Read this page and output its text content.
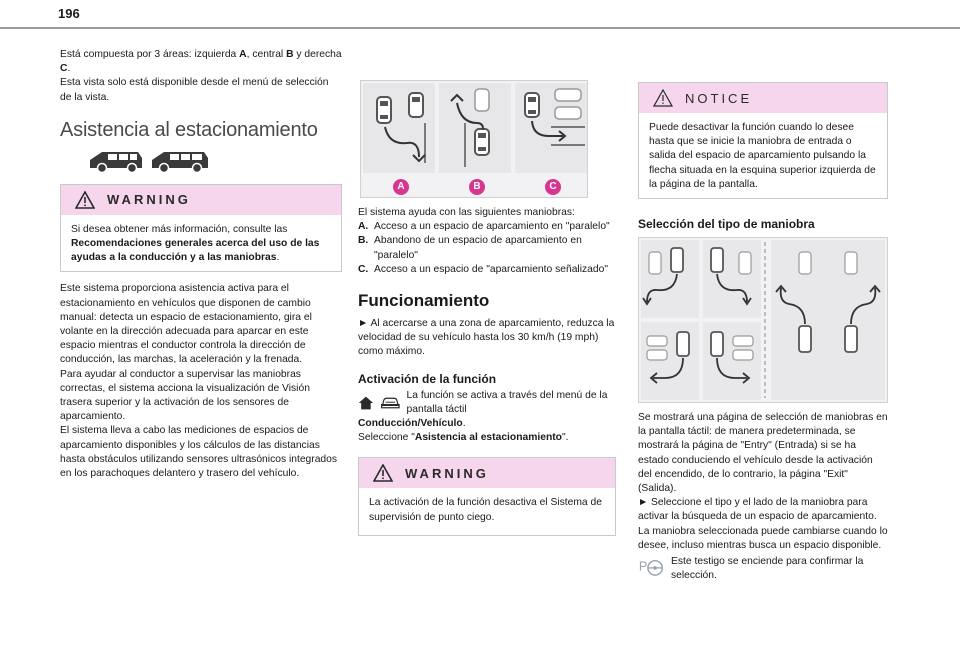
196

Está compuesta por 3 áreas: izquierda A, central B y derecha C.

Esta vista solo está disponible desde el menú de selección de la vista.

Asistencia al estacionamiento
WARNING

Si desea obtener más información, consulte las Recomendaciones generales acerca del uso de las ayudas a la conducción y a las maniobras.

Este sistema proporciona asistencia activa para el estacionamiento en vehículos que disponen de cambio manual: detecta un espacio de estacionamiento, gira el volante en la dirección adecuada para aparcar en este espacio mientras el conductor controla la dirección de conducción, las marchas, la aceleración y la frenada.

Para ayudar al conductor a supervisar las maniobras correctas, el sistema acciona la visualización de Visión trasera superior y la activación de los sensores de aparcamiento.

El sistema lleva a cabo las mediciones de espacios de aparcamiento disponibles y los cálculos de las distancias hasta obstáculos utilizando sensores ultrasónicos integrados en los parachoques delantero y trasero del vehículo.

A	B	C

El sistema ayuda con las siguientes maniobras:

A. Acceso a un espacio de aparcamiento en "paralelo"
B. Abandono de un espacio de aparcamiento en "paralelo"
C. Acceso a un espacio de "aparcamiento señalizado"
Funcionamiento

► Al acercarse a una zona de aparcamiento, reduzca la velocidad de su vehículo hasta los 30 km/h (19 mph) como máximo.

Activación de la función

La función se activa a través del menú de la pantalla táctil

Conducción/Vehículo.

Seleccione "Asistencia al estacionamiento".

WARNING

La activación de la función desactiva el Sistema de supervisión de punto ciego.

NOTICE

Puede desactivar la función cuando lo desee hasta que se inicie la maniobra de entrada o salida del espacio de aparcamiento pulsando la flecha situada en la esquina superior izquierda de la página de la pantalla.

Selección del tipo de maniobra

Se mostrará una página de selección de maniobras en la pantalla táctil: de manera predeterminada, se mostrará la página de "Entry" (Entrada) si se ha estado conduciendo el vehículo desde la activación del encendido, de lo contrario, la página "Exit" (Salida).

► Seleccione el tipo y el lado de la maniobra para activar la búsqueda de un espacio de aparcamiento.

La maniobra seleccionada puede cambiarse cuando lo desee, incluso mientras busca un espacio disponible.

P Este testigo se enciende para confirmar la selección.
